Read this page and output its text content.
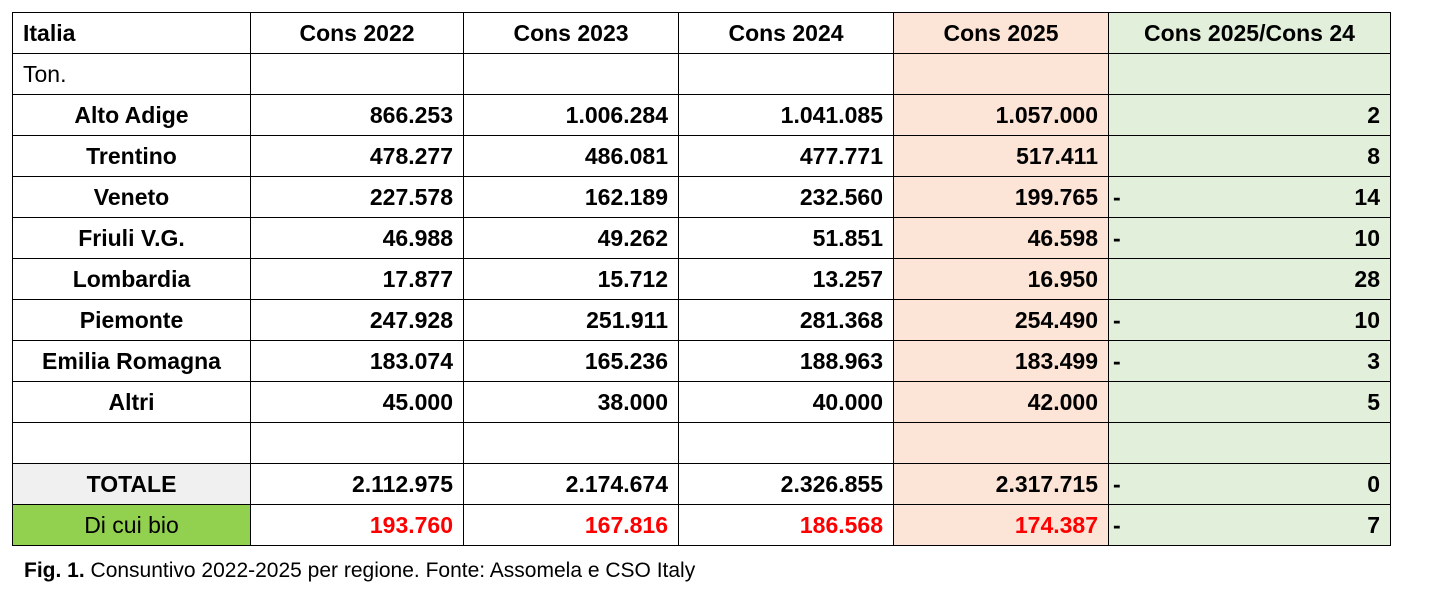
Italia	Cons 2022	Cons 2023	Cons 2024	Cons 2025	Cons 2025/Cons 24
Ton.					
Alto Adige	866.253	1.006.284	1.041.085	1.057.000	2
Trentino	478.277	486.081	477.771	517.411	8
Veneto	227.578	162.189	232.560	199.765	- 14
Friuli V.G.	46.988	49.262	51.851	46.598	- 10
Lombardia	17.877	15.712	13.257	16.950	28
Piemonte	247.928	251.911	281.368	254.490	- 10
Emilia Romagna	183.074	165.236	188.963	183.499	- 3
Altri	45.000	38.000	40.000	42.000	5

TOTALE	2.112.975	2.174.674	2.326.855	2.317.715	- 0
Di cui bio	193.760	167.816	186.568	174.387	- 7
Fig. 1. Consuntivo 2022-2025 per regione. Fonte: Assomela e CSO Italy
